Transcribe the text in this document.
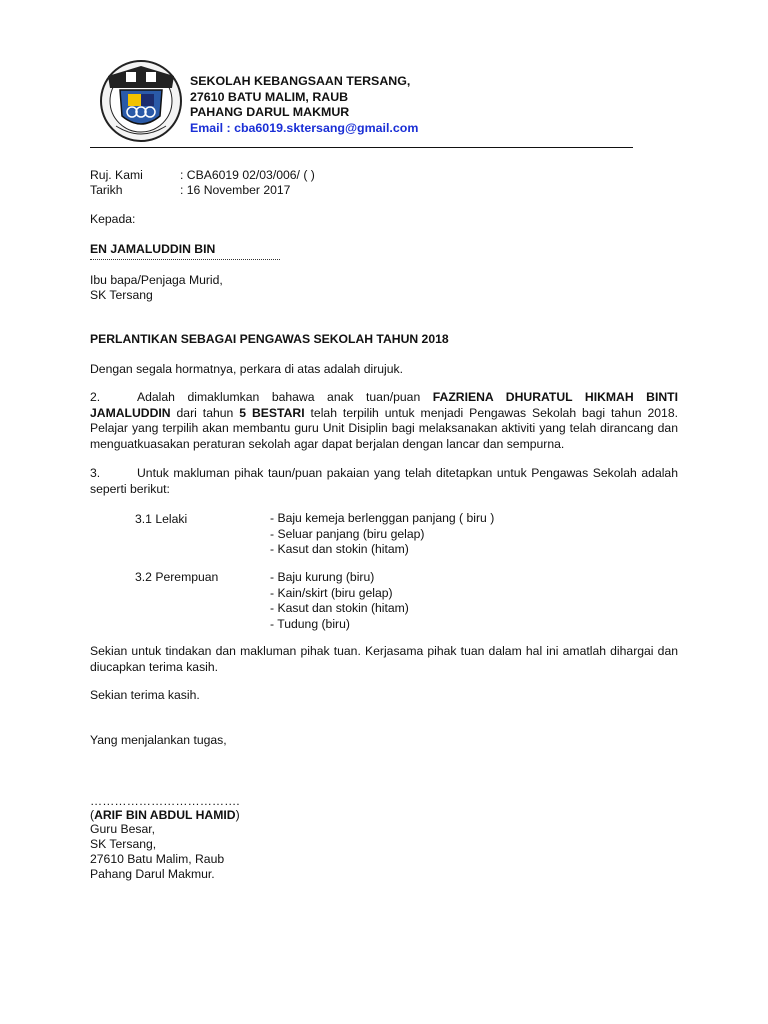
SEKOLAH KEBANGSAAN TERSANG,
27610 BATU MALIM, RAUB
PAHANG DARUL MAKMUR
Email : cba6019.sktersang@gmail.com
Ruj. Kami	: CBA6019 02/03/006/ ( )
Tarikh	: 16 November 2017
Kepada:
EN JAMALUDDIN BIN
Ibu bapa/Penjaga Murid,
SK Tersang
PERLANTIKAN SEBAGAI PENGAWAS SEKOLAH TAHUN 2018
Dengan segala hormatnya, perkara di atas adalah dirujuk.
2.	Adalah dimaklumkan bahawa anak tuan/puan FAZRIENA DHURATUL HIKMAH BINTI JAMALUDDIN dari tahun 5 BESTARI telah terpilih untuk menjadi Pengawas Sekolah bagi tahun 2018. Pelajar yang terpilih akan membantu guru Unit Disiplin bagi melaksanakan aktiviti yang telah dirancang dan menguatkuasakan peraturan sekolah agar dapat berjalan dengan lancar dan sempurna.
3.	Untuk makluman pihak taun/puan pakaian yang telah ditetapkan untuk Pengawas Sekolah adalah seperti berikut:
3.1 Lelaki	- Baju kemeja berlenggan panjang ( biru )
- Seluar panjang (biru gelap)
- Kasut dan stokin (hitam)
3.2 Perempuan	- Baju kurung (biru)
- Kain/skirt (biru gelap)
- Kasut dan stokin (hitam)
- Tudung (biru)
Sekian untuk tindakan dan makluman pihak tuan. Kerjasama pihak tuan dalam hal ini amatlah dihargai dan diucapkan terima kasih.
Sekian terima kasih.
Yang menjalankan tugas,
……………………………….
(ARIF BIN ABDUL HAMID)
Guru Besar,
SK Tersang,
27610 Batu Malim, Raub
Pahang Darul Makmur.
